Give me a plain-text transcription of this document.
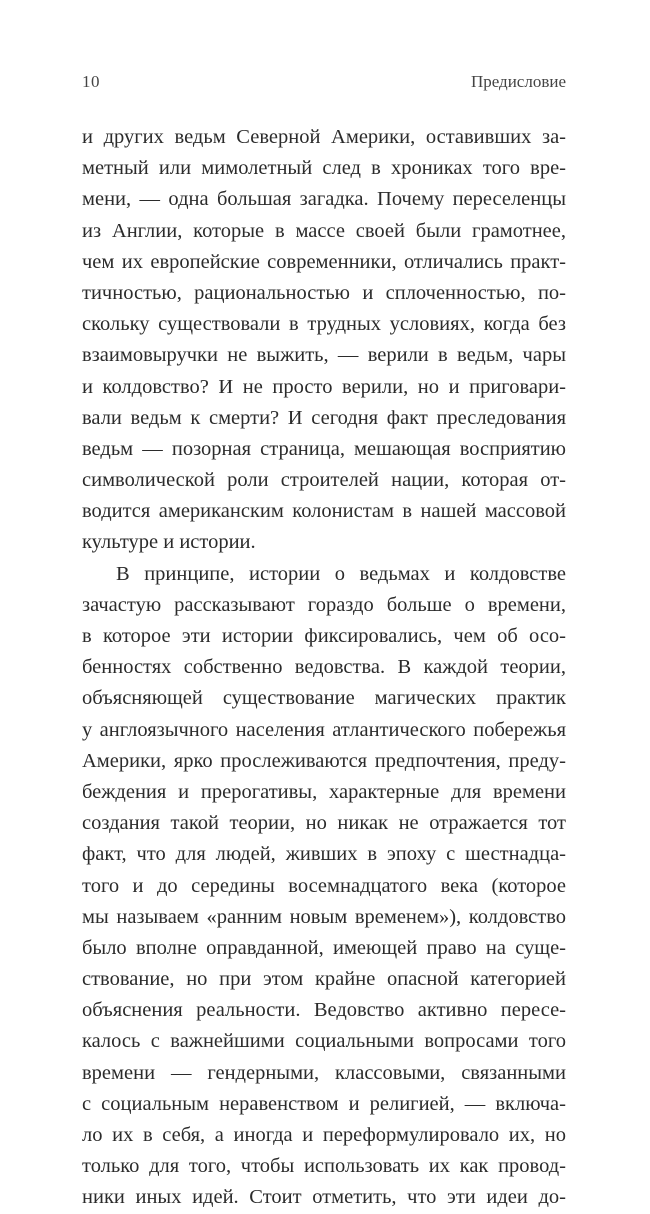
10	Предисловие
и других ведьм Северной Америки, оставивших за-
метный или мимолетный след в хрониках того вре-
мени, — одна большая загадка. Почему переселенцы
из Англии, которые в массе своей были грамотнее,
чем их европейские современники, отличались практ-
тичностью, рациональностью и сплоченностью, по-
скольку существовали в трудных условиях, когда без
взаимовыручки не выжить, — верили в ведьм, чары
и колдовство? И не просто верили, но и приговари-
вали ведьм к смерти? И сегодня факт преследования
ведьм — позорная страница, мешающая восприятию
символической роли строителей нации, которая от-
водится американским колонистам в нашей массовой
культуре и истории.
В принципе, истории о ведьмах и колдовстве
зачастую рассказывают гораздо больше о времени,
в которое эти истории фиксировались, чем об осо-
бенностях собственно ведовства. В каждой теории,
объясняющей существование магических практик
у англоязычного населения атлантического побережья
Америки, ярко прослеживаются предпочтения, преду-
беждения и прерогативы, характерные для времени
создания такой теории, но никак не отражается тот
факт, что для людей, живших в эпоху с шестнадца-
того и до середины восемнадцатого века (которое
мы называем «ранним новым временем»), колдовство
было вполне оправданной, имеющей право на суще-
ствование, но при этом крайне опасной категорией
объяснения реальности. Ведовство активно пересе-
калось с важнейшими социальными вопросами того
времени — гендерными, классовыми, связанными
с социальным неравенством и религией, — включа-
ло их в себя, а иногда и переформулировало их, но
только для того, чтобы использовать их как провод-
ники иных идей. Стоит отметить, что эти идеи до-
